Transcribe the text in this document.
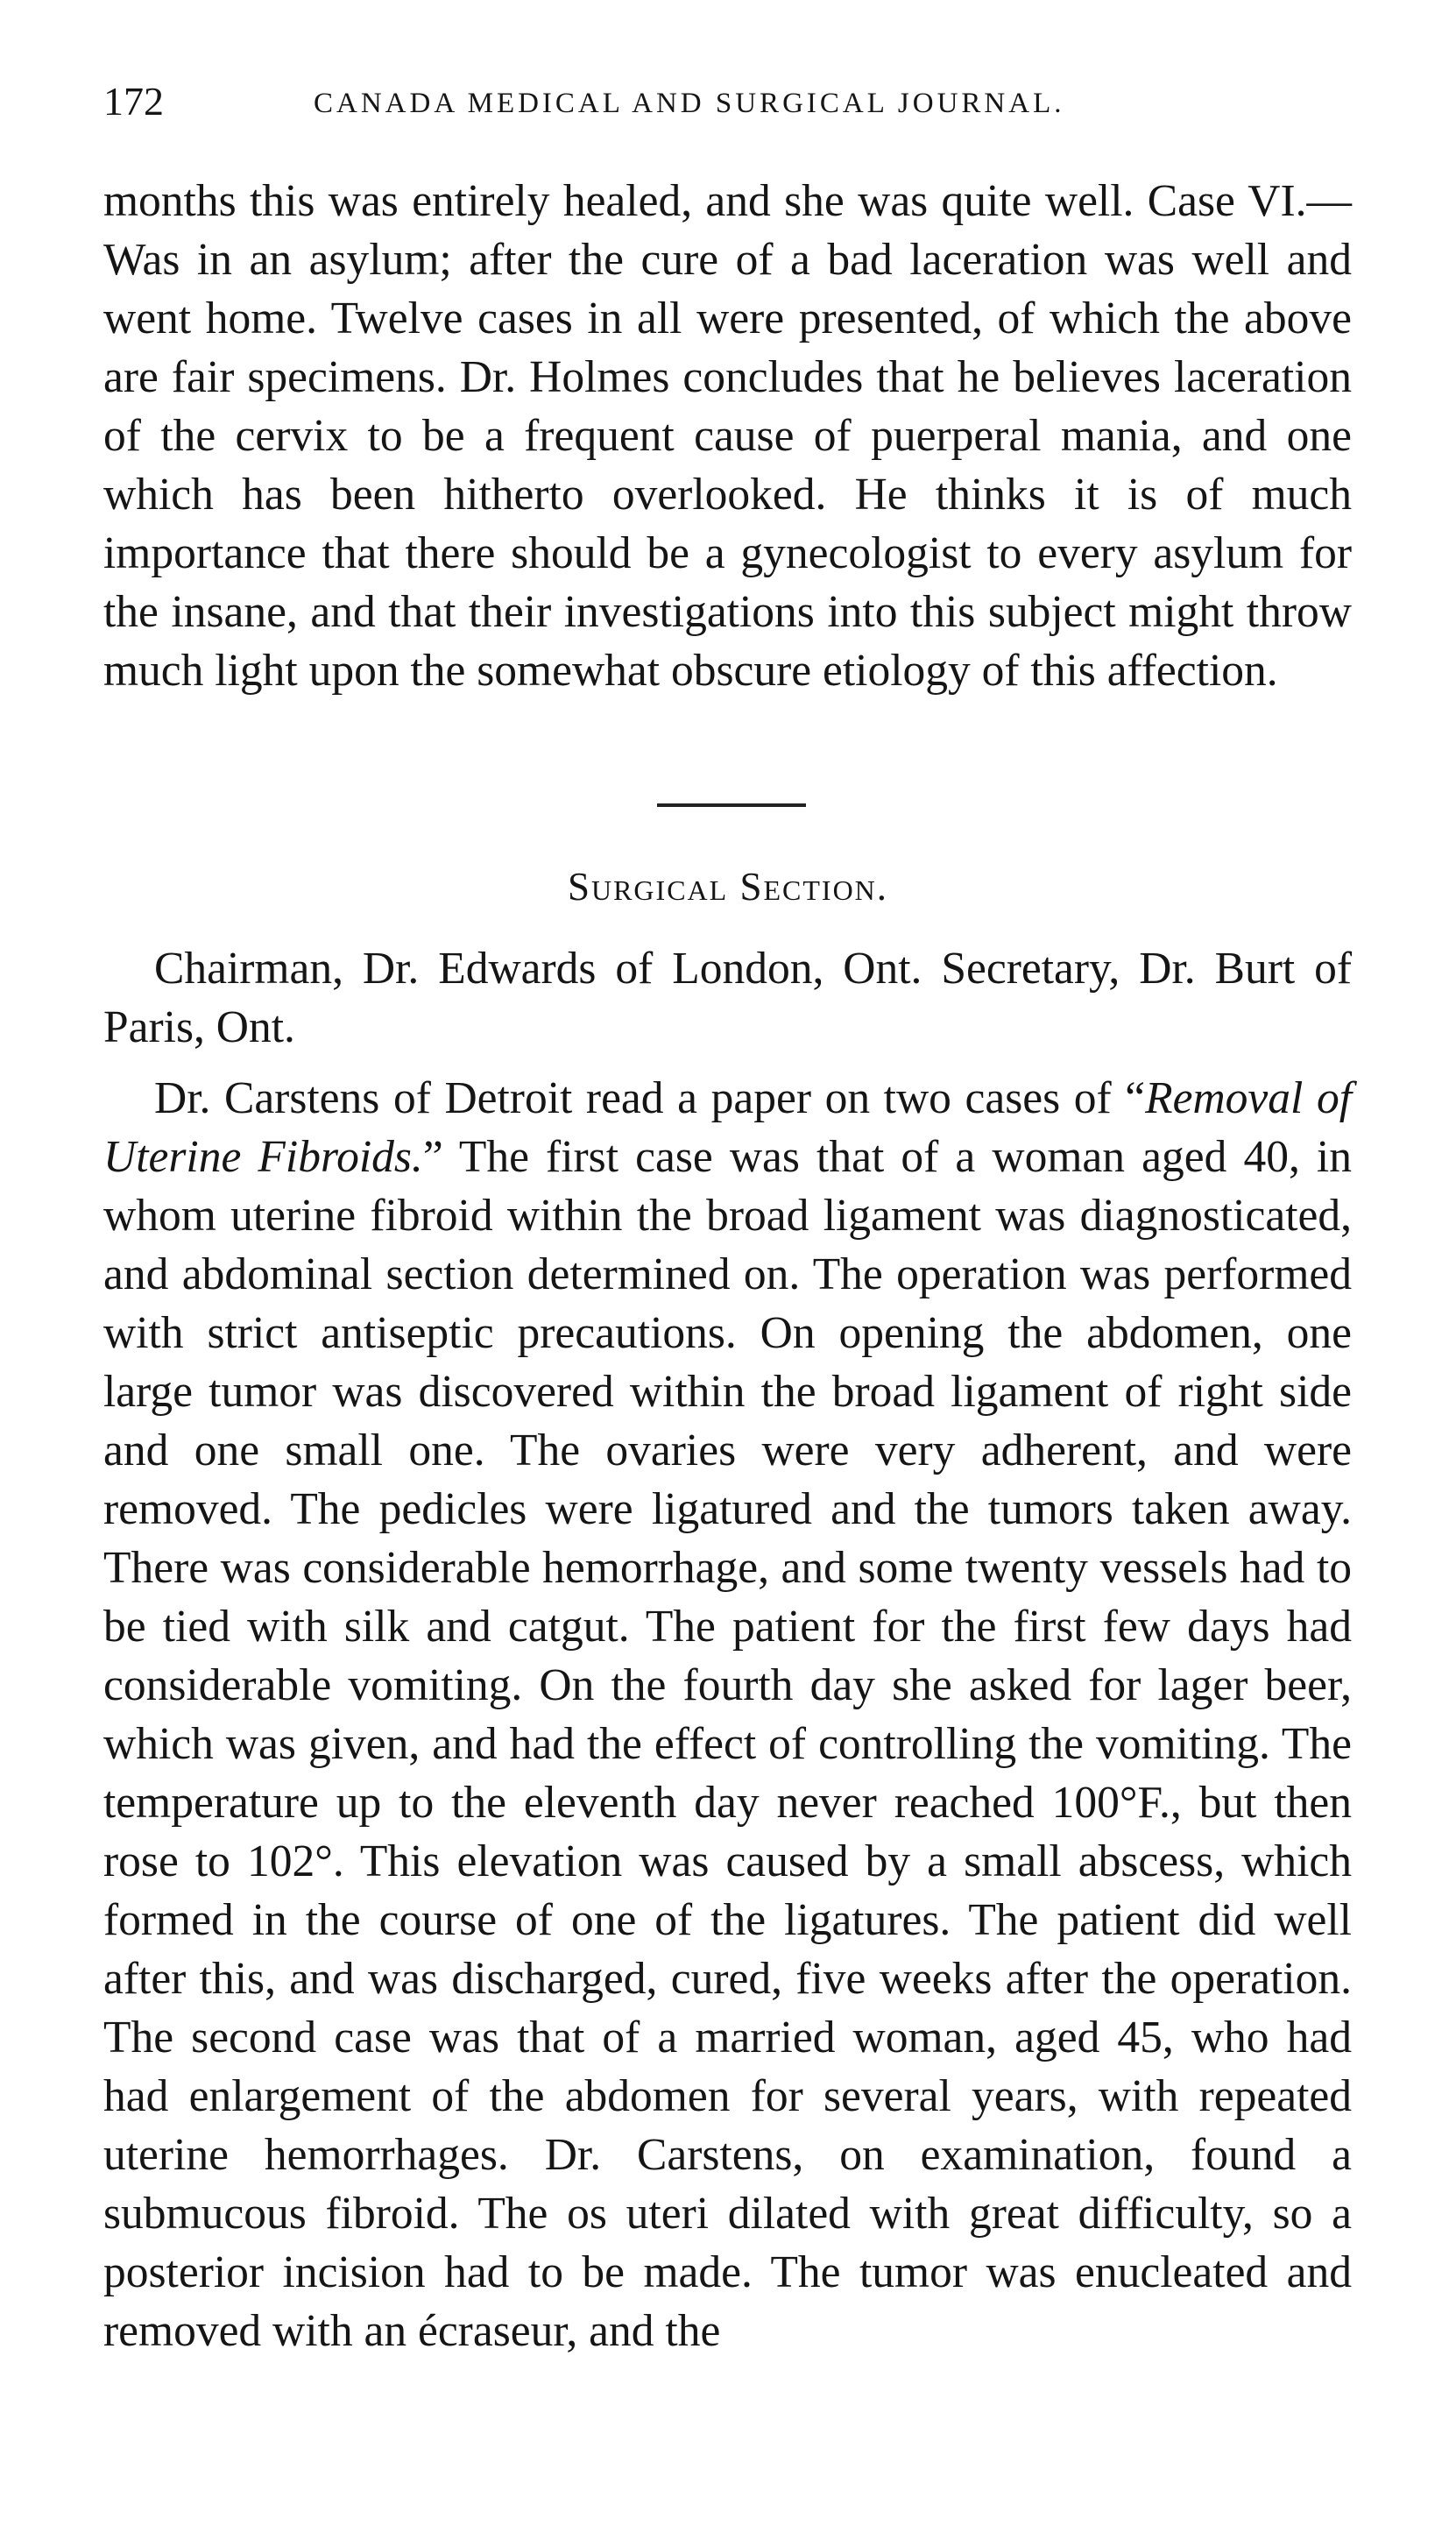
172	CANADA MEDICAL AND SURGICAL JOURNAL.

months this was entirely healed, and she was quite well. Case VI.—Was in an asylum; after the cure of a bad laceration was well and went home. Twelve cases in all were presented, of which the above are fair specimens. Dr. Holmes concludes that he believes laceration of the cervix to be a frequent cause of puerperal mania, and one which has been hitherto overlooked. He thinks it is of much importance that there should be a gynecologist to every asylum for the insane, and that their investigations into this subject might throw much light upon the somewhat obscure etiology of this affection.

Surgical Section.

Chairman, Dr. Edwards of London, Ont. Secretary, Dr. Burt of Paris, Ont.

Dr. Carstens of Detroit read a paper on two cases of “Removal of Uterine Fibroids.” The first case was that of a woman aged 40, in whom uterine fibroid within the broad ligament was diagnosticated, and abdominal section determined on. The operation was performed with strict antiseptic precautions. On opening the abdomen, one large tumor was discovered within the broad ligament of right side and one small one. The ovaries were very adherent, and were removed. The pedicles were ligatured and the tumors taken away. There was considerable hemorrhage, and some twenty vessels had to be tied with silk and catgut. The patient for the first few days had considerable vomiting. On the fourth day she asked for lager beer, which was given, and had the effect of controlling the vomiting. The temperature up to the eleventh day never reached 100°F., but then rose to 102°. This elevation was caused by a small abscess, which formed in the course of one of the ligatures. The patient did well after this, and was discharged, cured, five weeks after the operation. The second case was that of a married woman, aged 45, who had had enlargement of the abdomen for several years, with repeated uterine hemorrhages. Dr. Carstens, on examination, found a submucous fibroid. The os uteri dilated with great difficulty, so a posterior incision had to be made. The tumor was enucleated and removed with an écraseur, and the
